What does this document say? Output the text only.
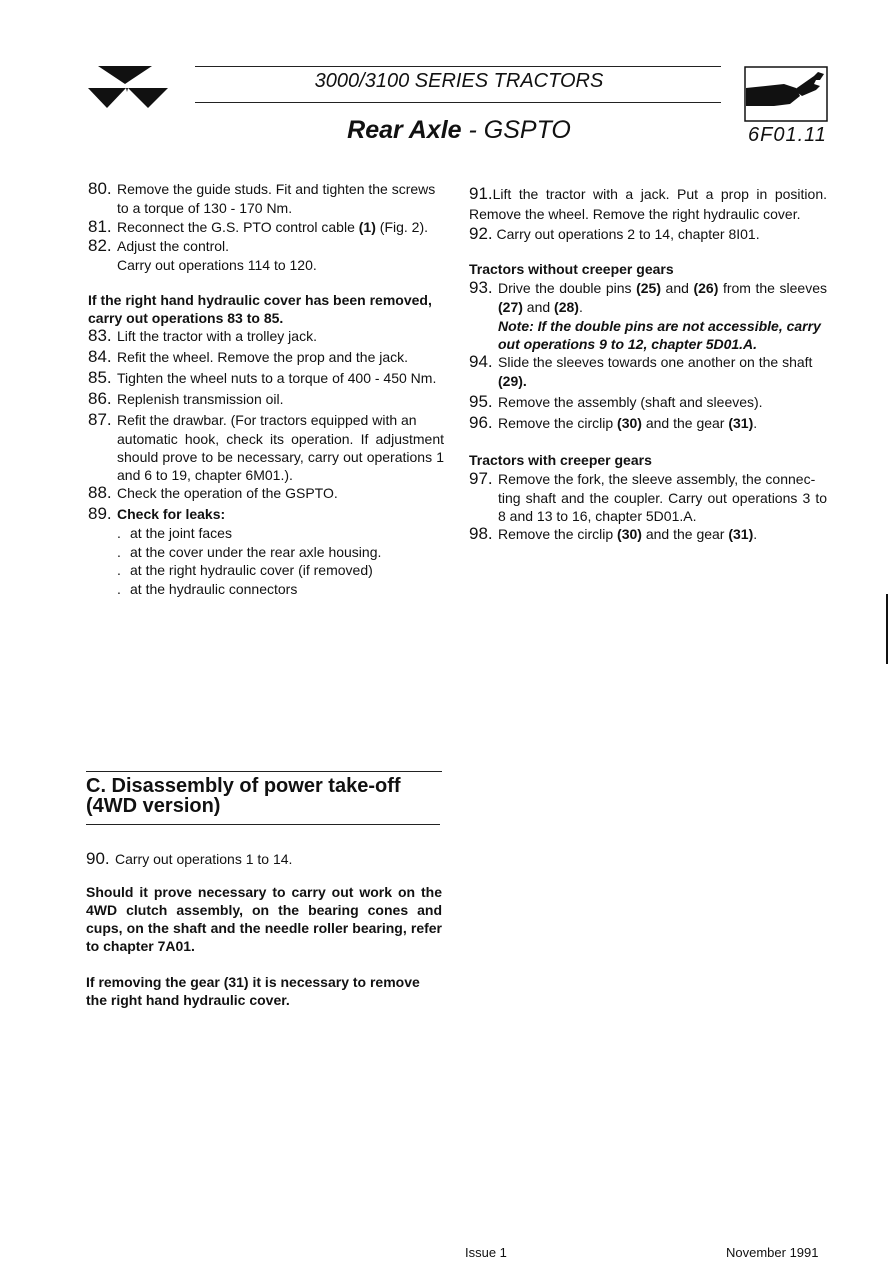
3000/3100 SERIES TRACTORS
Rear Axle - GSPTO	6F01.11

80. Remove the guide studs. Fit and tighten the screws

to a torque of 130 - 170 Nm.

81. Reconnect the G.S. PTO control cable (1) (Fig. 2).

82. Adjust the control.

Carry out operations 114 to 120.

If the right hand hydraulic cover has been removed, carry out operations 83 to 85.

83. Lift the tractor with a trolley jack.

84. Refit the wheel. Remove the prop and the jack.

85. Tighten the wheel nuts to a torque of 400 - 450 Nm.

86. Replenish transmission oil.

87. Refit the drawbar. (For tractors equipped with an

automatic hook, check its operation. If adjustment should prove to be necessary, carry out operations 1 and 6 to 19, chapter 6M01.).

88. Check the operation of the GSPTO.

89. Check for leaks:

. at the joint faces

. at the cover under the rear axle housing.

. at the right hydraulic cover (if removed)

. at the hydraulic connectors

C. Disassembly of power take-off (4WD version)

90. Carry out operations 1 to 14.

Should it prove necessary to carry out work on the 4WD clutch assembly, on the bearing cones and cups, on the shaft and the needle roller bearing, refer to chapter 7A01.

If removing the gear (31) it is necessary to remove the right hand hydraulic cover.

91.Lift the tractor with a jack. Put a prop in position. Remove the wheel. Remove the right hydraulic cover.

92. Carry out operations 2 to 14, chapter 8I01.

Tractors without creeper gears

93. Drive the double pins (25) and (26) from the sleeves (27) and (28).

Note: If the double pins are not accessible, carry out operations 9 to 12, chapter 5D01.A.

94. Slide the sleeves towards one another on the shaft

(29).

95. Remove the assembly (shaft and sleeves).

96. Remove the circlip (30) and the gear (31).

Tractors with creeper gears

97. Remove the fork, the sleeve assembly, the connec-

ting shaft and the coupler. Carry out operations 3 to 8 and 13 to 16, chapter 5D01.A.

98. Remove the circlip (30) and the gear (31).

Issue 1	November 1991
